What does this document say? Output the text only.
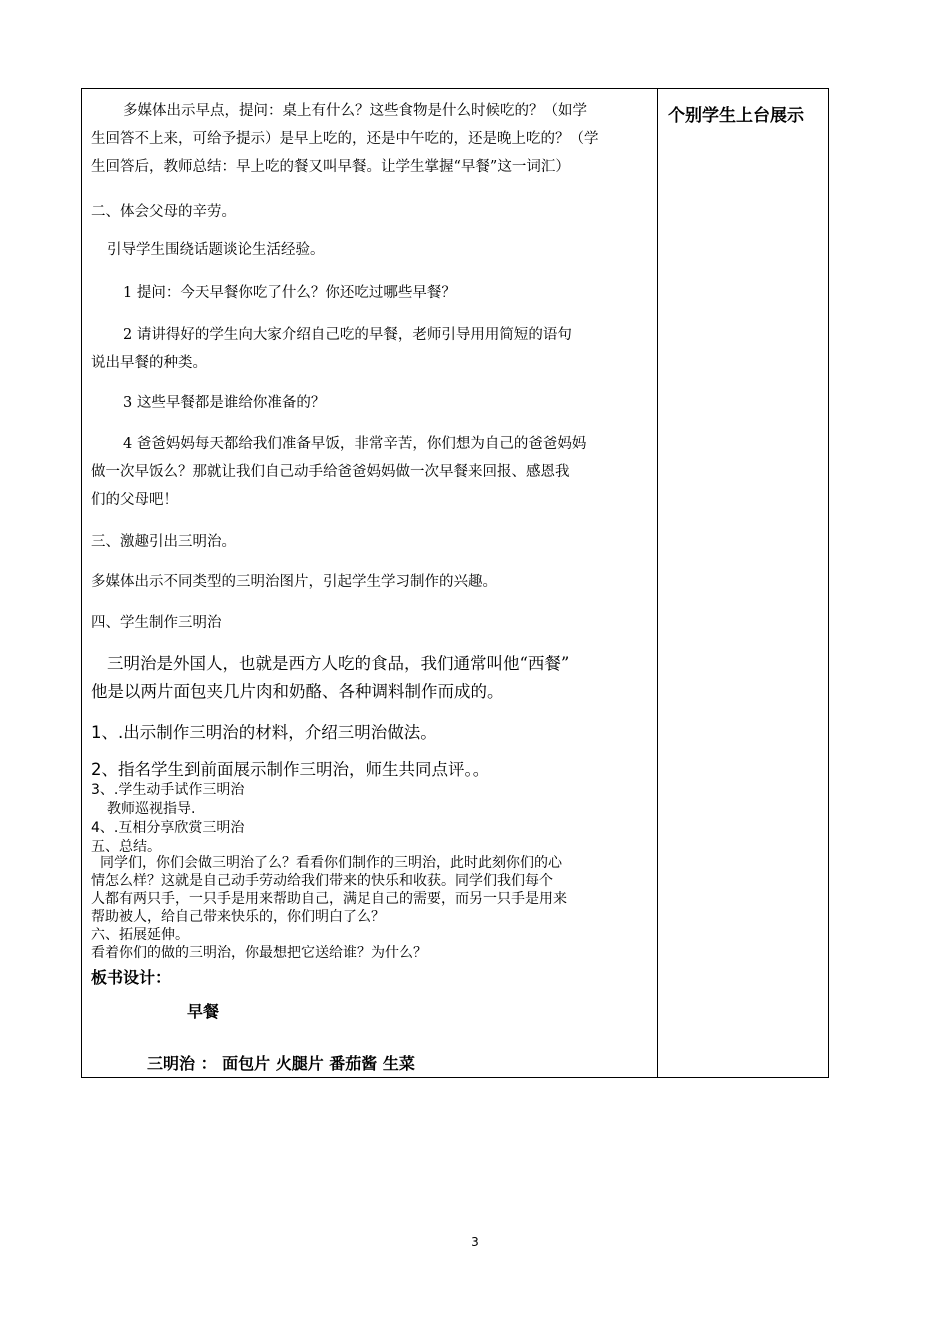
个别学生上台展示
多媒体出示早点，提问：桌上有什么？这些食物是什么时候吃的？（如学
生回答不上来，可给予提示）是早上吃的，还是中午吃的，还是晚上吃的？（学
生回答后，教师总结：早上吃的餐又叫早餐。让学生掌握“早餐”这一词汇）
二、体会父母的辛劳。
引导学生围绕话题谈论生活经验。
1 提问：今天早餐你吃了什么？你还吃过哪些早餐？
2 请讲得好的学生向大家介绍自己吃的早餐，老师引导用用简短的语句
说出早餐的种类。
3 这些早餐都是谁给你准备的？
4 爸爸妈妈每天都给我们准备早饭，非常辛苦，你们想为自己的爸爸妈妈
做一次早饭么？那就让我们自己动手给爸爸妈妈做一次早餐来回报、感恩我
们的父母吧！
三、激趣引出三明治。
多媒体出示不同类型的三明治图片，引起学生学习制作的兴趣。
四、学生制作三明治
三明治是外国人，也就是西方人吃的食品，我们通常叫他“西餐”
他是以两片面包夹几片肉和奶酪、各种调料制作而成的。
1、.出示制作三明治的材料，介绍三明治做法。
2、指名学生到前面展示制作三明治，师生共同点评。。
3、.学生动手试作三明治
教师巡视指导.
4、.互相分享欣赏三明治
五、总结。
同学们，你们会做三明治了么？看看你们制作的三明治，此时此刻你们的心
情怎么样？这就是自己动手劳动给我们带来的快乐和收获。同学们我们每个
人都有两只手，一只手是用来帮助自己，满足自己的需要，而另一只手是用来
帮助被人，给自己带来快乐的，你们明白了么？
六、拓展延伸。
看着你们的做的三明治，你最想把它送给谁？为什么？
板书设计：
早餐
三明治 ： 面包片 火腿片 番茄酱 生菜
3
